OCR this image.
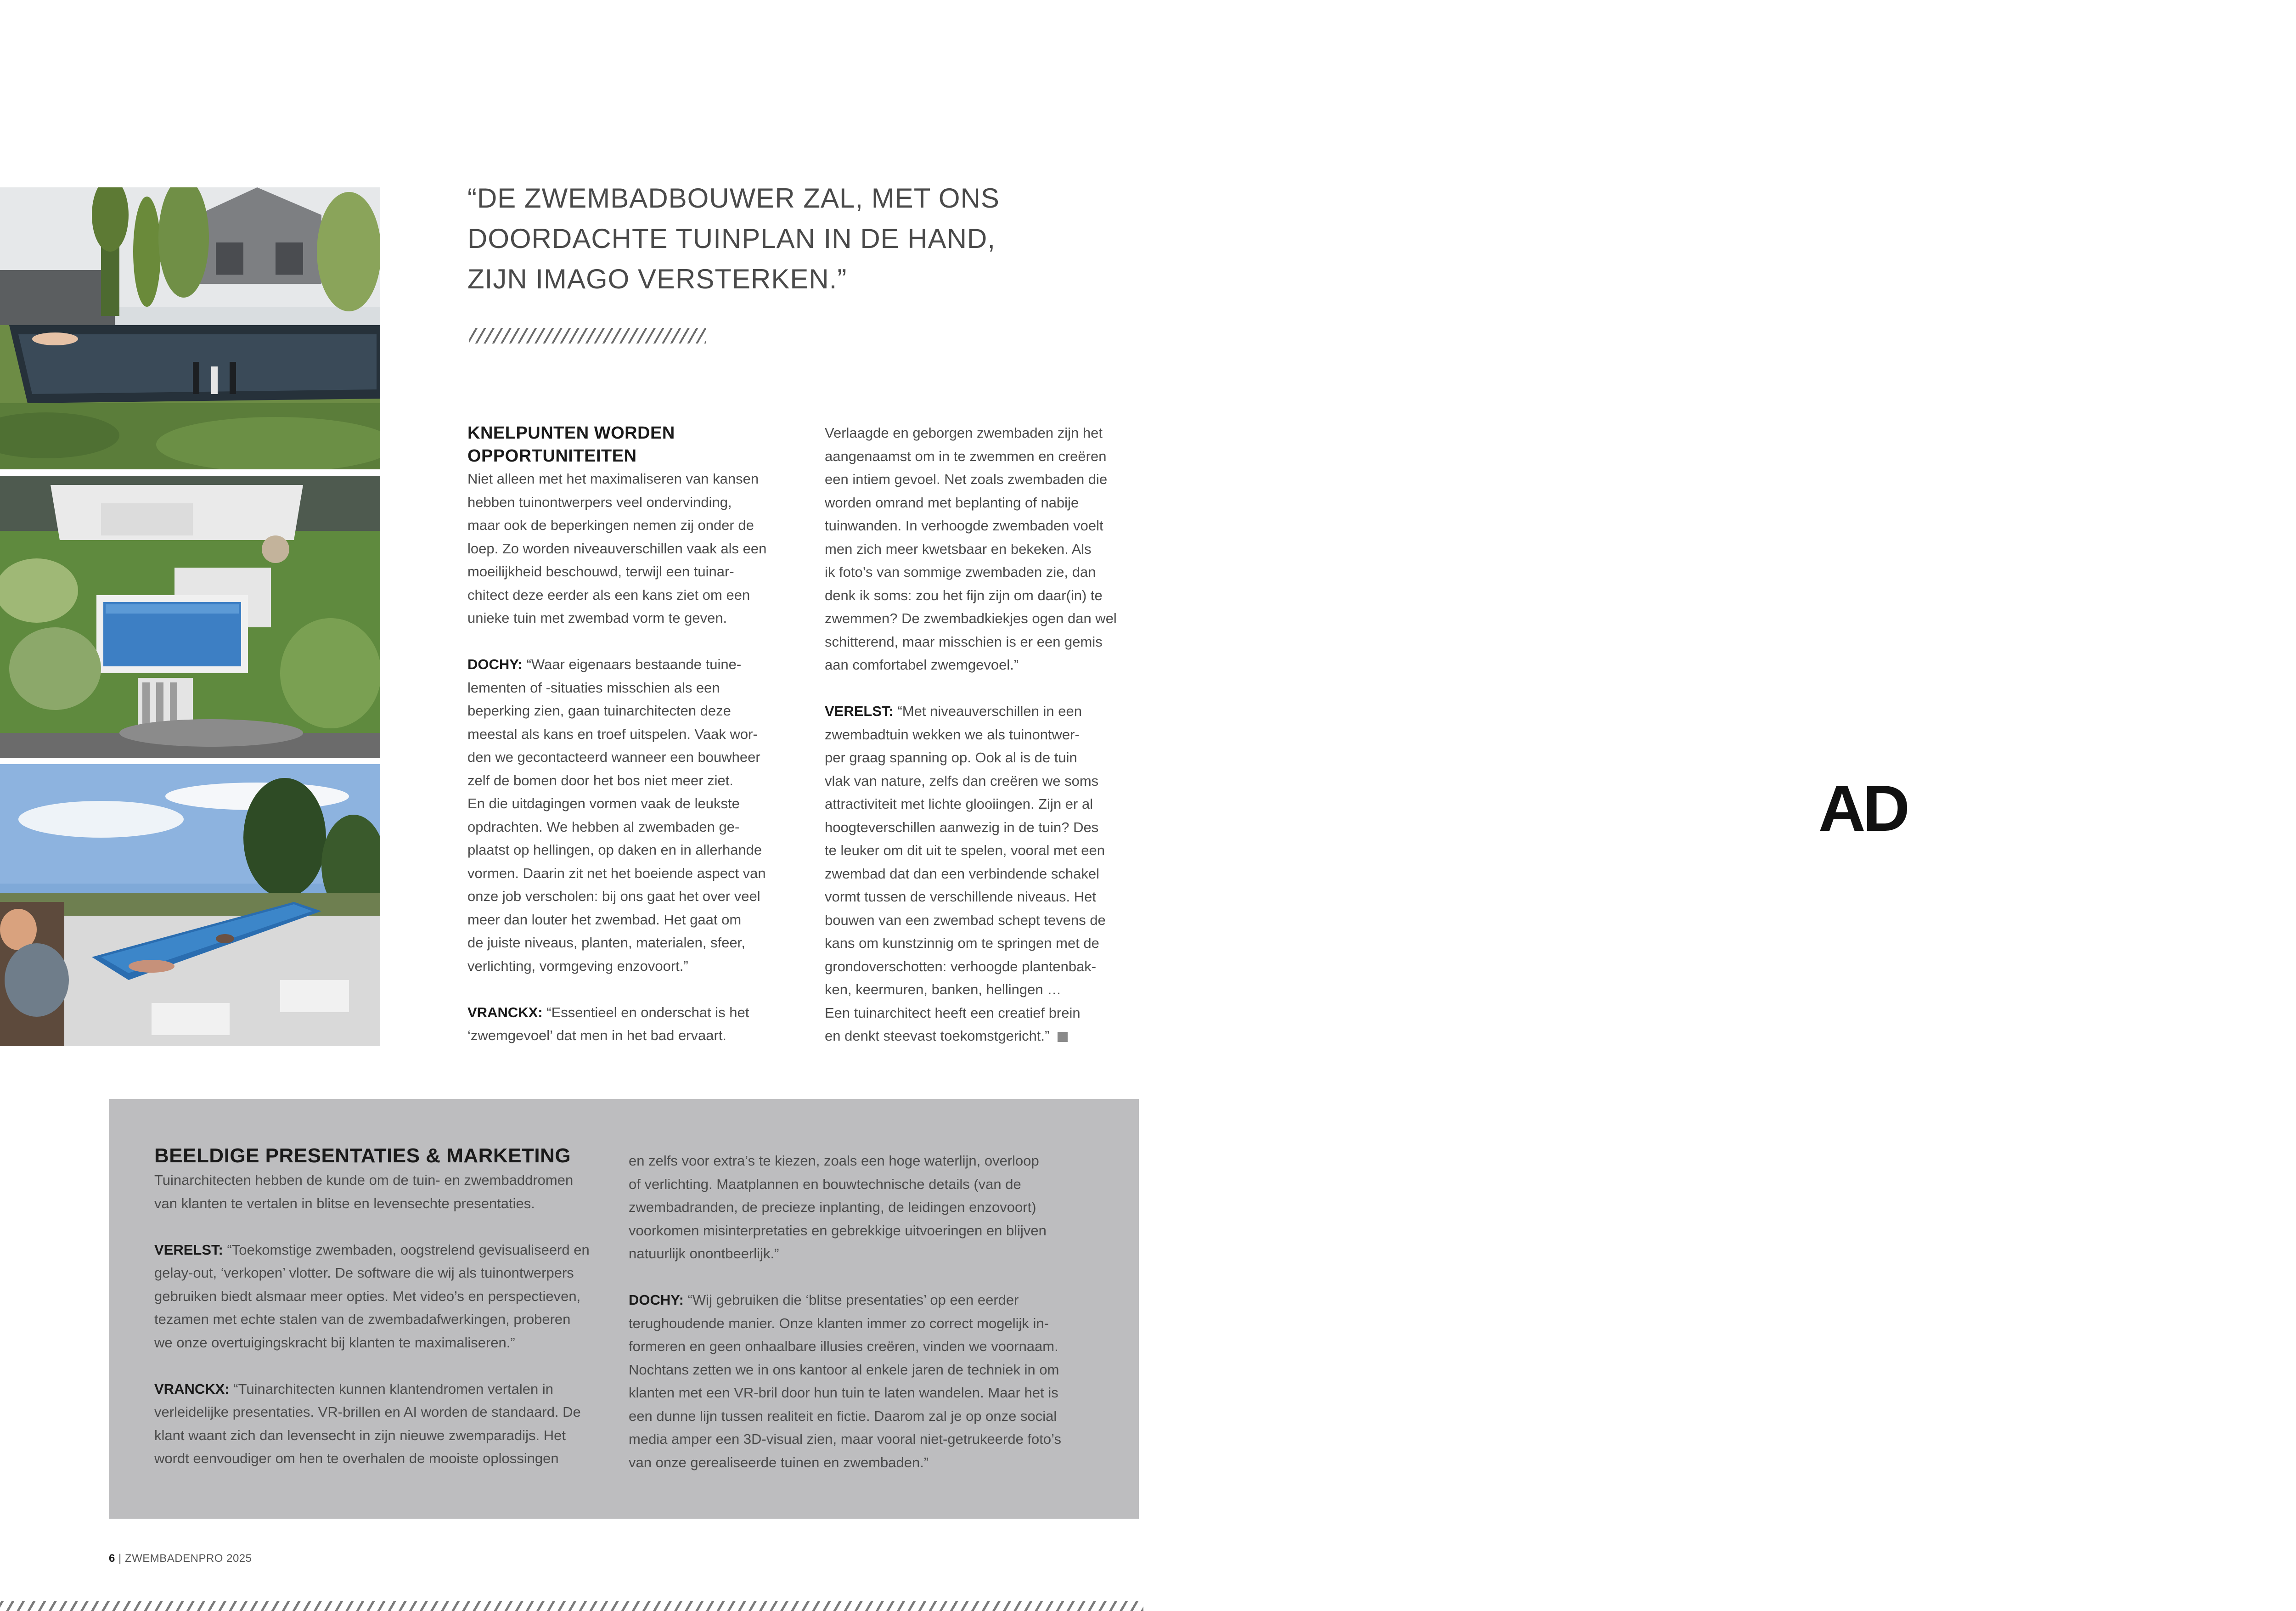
“DE ZWEMBADBOUWER ZAL, MET ONS
DOORDACHTE TUINPLAN IN DE HAND,
ZIJN IMAGO VERSTERKEN.”
KNELPUNTEN WORDEN
OPPORTUNITEITEN

Niet alleen met het maximaliseren van kansen

hebben tuinontwerpers veel ondervinding,

maar ook de beperkingen nemen zij onder de

loep. Zo worden niveauverschillen vaak als een

moeilijkheid beschouwd, terwijl een tuinar-

chitect deze eerder als een kans ziet om een

unieke tuin met zwembad vorm te geven.

DOCHY: “Waar eigenaars bestaande tuine-

lementen of -situaties misschien als een

beperking zien, gaan tuinarchitecten deze

meestal als kans en troef uitspelen. Vaak wor-

den we gecontacteerd wanneer een bouwheer

zelf de bomen door het bos niet meer ziet.

En die uitdagingen vormen vaak de leukste

opdrachten. We hebben al zwembaden ge-

plaatst op hellingen, op daken en in allerhande

vormen. Daarin zit net het boeiende aspect van

onze job verscholen: bij ons gaat het over veel

meer dan louter het zwembad. Het gaat om

de juiste niveaus, planten, materialen, sfeer,

verlichting, vormgeving enzovoort.”

VRANCKX: “Essentieel en onderschat is het

‘zwemgevoel’ dat men in het bad ervaart.

Verlaagde en geborgen zwembaden zijn het

aangenaamst om in te zwemmen en creëren

een intiem gevoel. Net zoals zwembaden die

worden omrand met beplanting of nabije

tuinwanden. In verhoogde zwembaden voelt

men zich meer kwetsbaar en bekeken. Als

ik foto’s van sommige zwembaden zie, dan

denk ik soms: zou het fijn zijn om daar(in) te

zwemmen? De zwembadkiekjes ogen dan wel

schitterend, maar misschien is er een gemis

aan comfortabel zwemgevoel.”

VERELST: “Met niveauverschillen in een

zwembadtuin wekken we als tuinontwer-

per graag spanning op. Ook al is de tuin

vlak van nature, zelfs dan creëren we soms

attractiviteit met lichte glooiingen. Zijn er al

hoogteverschillen aanwezig in de tuin? Des

te leuker om dit uit te spelen, vooral met een

zwembad dat dan een verbindende schakel

vormt tussen de verschillende niveaus. Het

bouwen van een zwembad schept tevens de

kans om kunstzinnig om te springen met de

grondoverschotten: verhoogde plantenbak-

ken, keermuren, banken, hellingen …

Een tuinarchitect heeft een creatief brein

en denkt steevast toekomstgericht.”

BEELDIGE PRESENTATIES & MARKETING

Tuinarchitecten hebben de kunde om de tuin- en zwembaddromen

van klanten te vertalen in blitse en levensechte presentaties.

VERELST: “Toekomstige zwembaden, oogstrelend gevisualiseerd en

gelay-out, ‘verkopen’ vlotter. De software die wij als tuinontwerpers

gebruiken biedt alsmaar meer opties. Met video’s en perspectieven,

tezamen met echte stalen van de zwembadafwerkingen, proberen

we onze overtuigingskracht bij klanten te maximaliseren.”

VRANCKX: “Tuinarchitecten kunnen klantendromen vertalen in

verleidelijke presentaties. VR-brillen en AI worden de standaard. De

klant waant zich dan levensecht in zijn nieuwe zwemparadijs. Het

wordt eenvoudiger om hen te overhalen de mooiste oplossingen

en zelfs voor extra’s te kiezen, zoals een hoge waterlijn, overloop

of verlichting. Maatplannen en bouwtechnische details (van de

zwembadranden, de precieze inplanting, de leidingen enzovoort)

voorkomen misinterpretaties en gebrekkige uitvoeringen en blijven

natuurlijk onontbeerlijk.”

DOCHY: “Wij gebruiken die ‘blitse presentaties’ op een eerder

terughoudende manier. Onze klanten immer zo correct mogelijk in-

formeren en geen onhaalbare illusies creëren, vinden we voornaam.

Nochtans zetten we in ons kantoor al enkele jaren de techniek in om

klanten met een VR-bril door hun tuin te laten wandelen. Maar het is

een dunne lijn tussen realiteit en fictie. Daarom zal je op onze social

media amper een 3D-visual zien, maar vooral niet-getrukeerde foto’s

van onze gerealiseerde tuinen en zwembaden.”

6 | ZWEMBADENPRO 2025
AD
